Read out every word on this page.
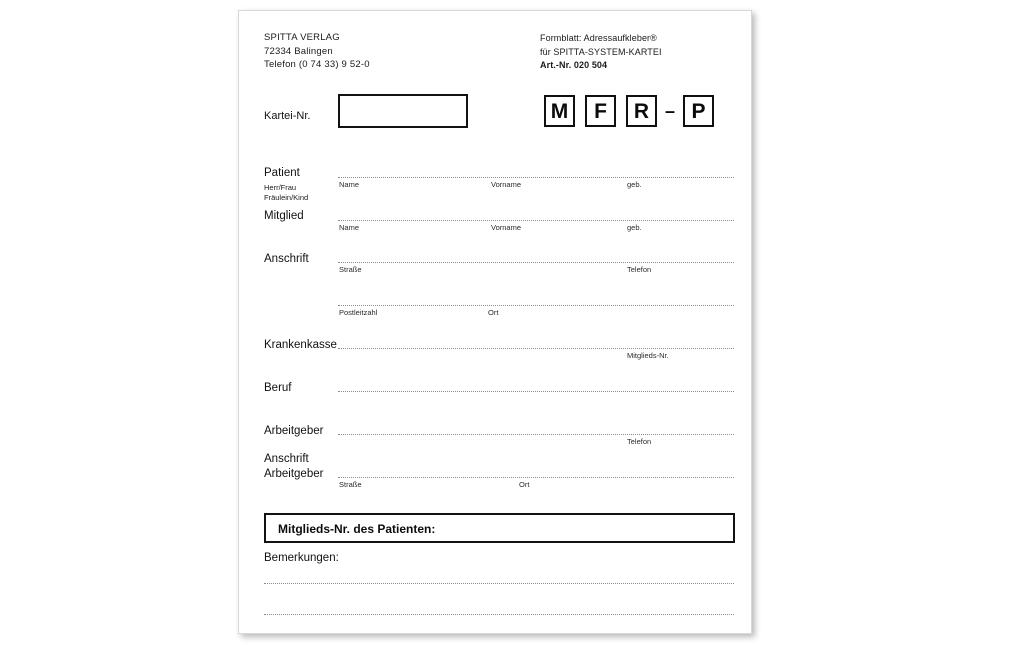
SPITTA VERLAG
72334 Balingen
Telefon (0 74 33) 9 52-0
Formblatt: Adressaufkleber®
für SPITTA-SYSTEM-KARTEI
Art.-Nr. 020 504
Kartei-Nr.	M	F	R – P
Patient
Herr/Frau
Fräulein/Kind
Name	Vorname	geb.
Mitglied
Name	Vorname	geb.
Anschrift
Straße	Telefon
Postleitzahl	Ort
Krankenkasse
Mitglieds-Nr.
Beruf
Arbeitgeber
Telefon
Anschrift
Arbeitgeber
Straße	Ort
Mitglieds-Nr. des Patienten:
Bemerkungen:
